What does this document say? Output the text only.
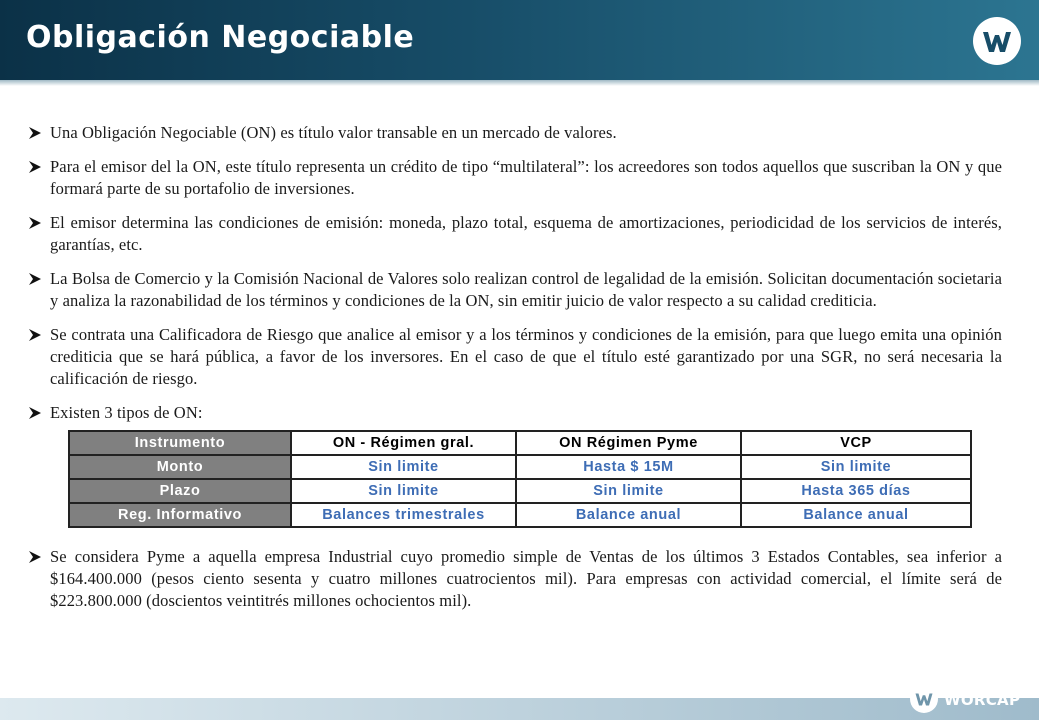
Obligación Negociable
Una Obligación Negociable (ON) es título valor transable en un mercado de valores.
Para el emisor del la ON, este título representa un crédito de tipo “multilateral”: los acreedores son todos aquellos que suscriban la ON y que formará parte de su portafolio de inversiones.
El emisor determina las condiciones de emisión: moneda, plazo total, esquema de amortizaciones, periodicidad de los servicios de interés, garantías, etc.
La Bolsa de Comercio y la Comisión Nacional de Valores solo realizan control de legalidad de la emisión. Solicitan documentación societaria y analiza la razonabilidad de los términos y condiciones de la ON, sin emitir juicio de valor respecto a su calidad crediticia.
Se contrata una Calificadora de Riesgo que analice al emisor y a los términos y condiciones de la emisión, para que luego emita una opinión crediticia que se hará pública, a favor de los inversores. En el caso de que el título esté garantizado por una SGR, no será necesaria la calificación de riesgo.
Existen 3 tipos de ON:
Instrumento	ON - Régimen gral.	ON Régimen Pyme	VCP
Monto	Sin limite	Hasta $ 15M	Sin limite
Plazo	Sin limite	Sin limite	Hasta 365 días
Reg. Informativo	Balances trimestrales	Balance anual	Balance anual
Se considera Pyme a aquella empresa Industrial cuyo promedio simple de Ventas de los últimos 3 Estados Contables, sea inferior a $164.400.000 (pesos ciento sesenta y cuatro millones cuatrocientos mil). Para empresas con actividad comercial, el límite será de $223.800.000 (doscientos veintitrés millones ochocientos mil).
WORCAP
